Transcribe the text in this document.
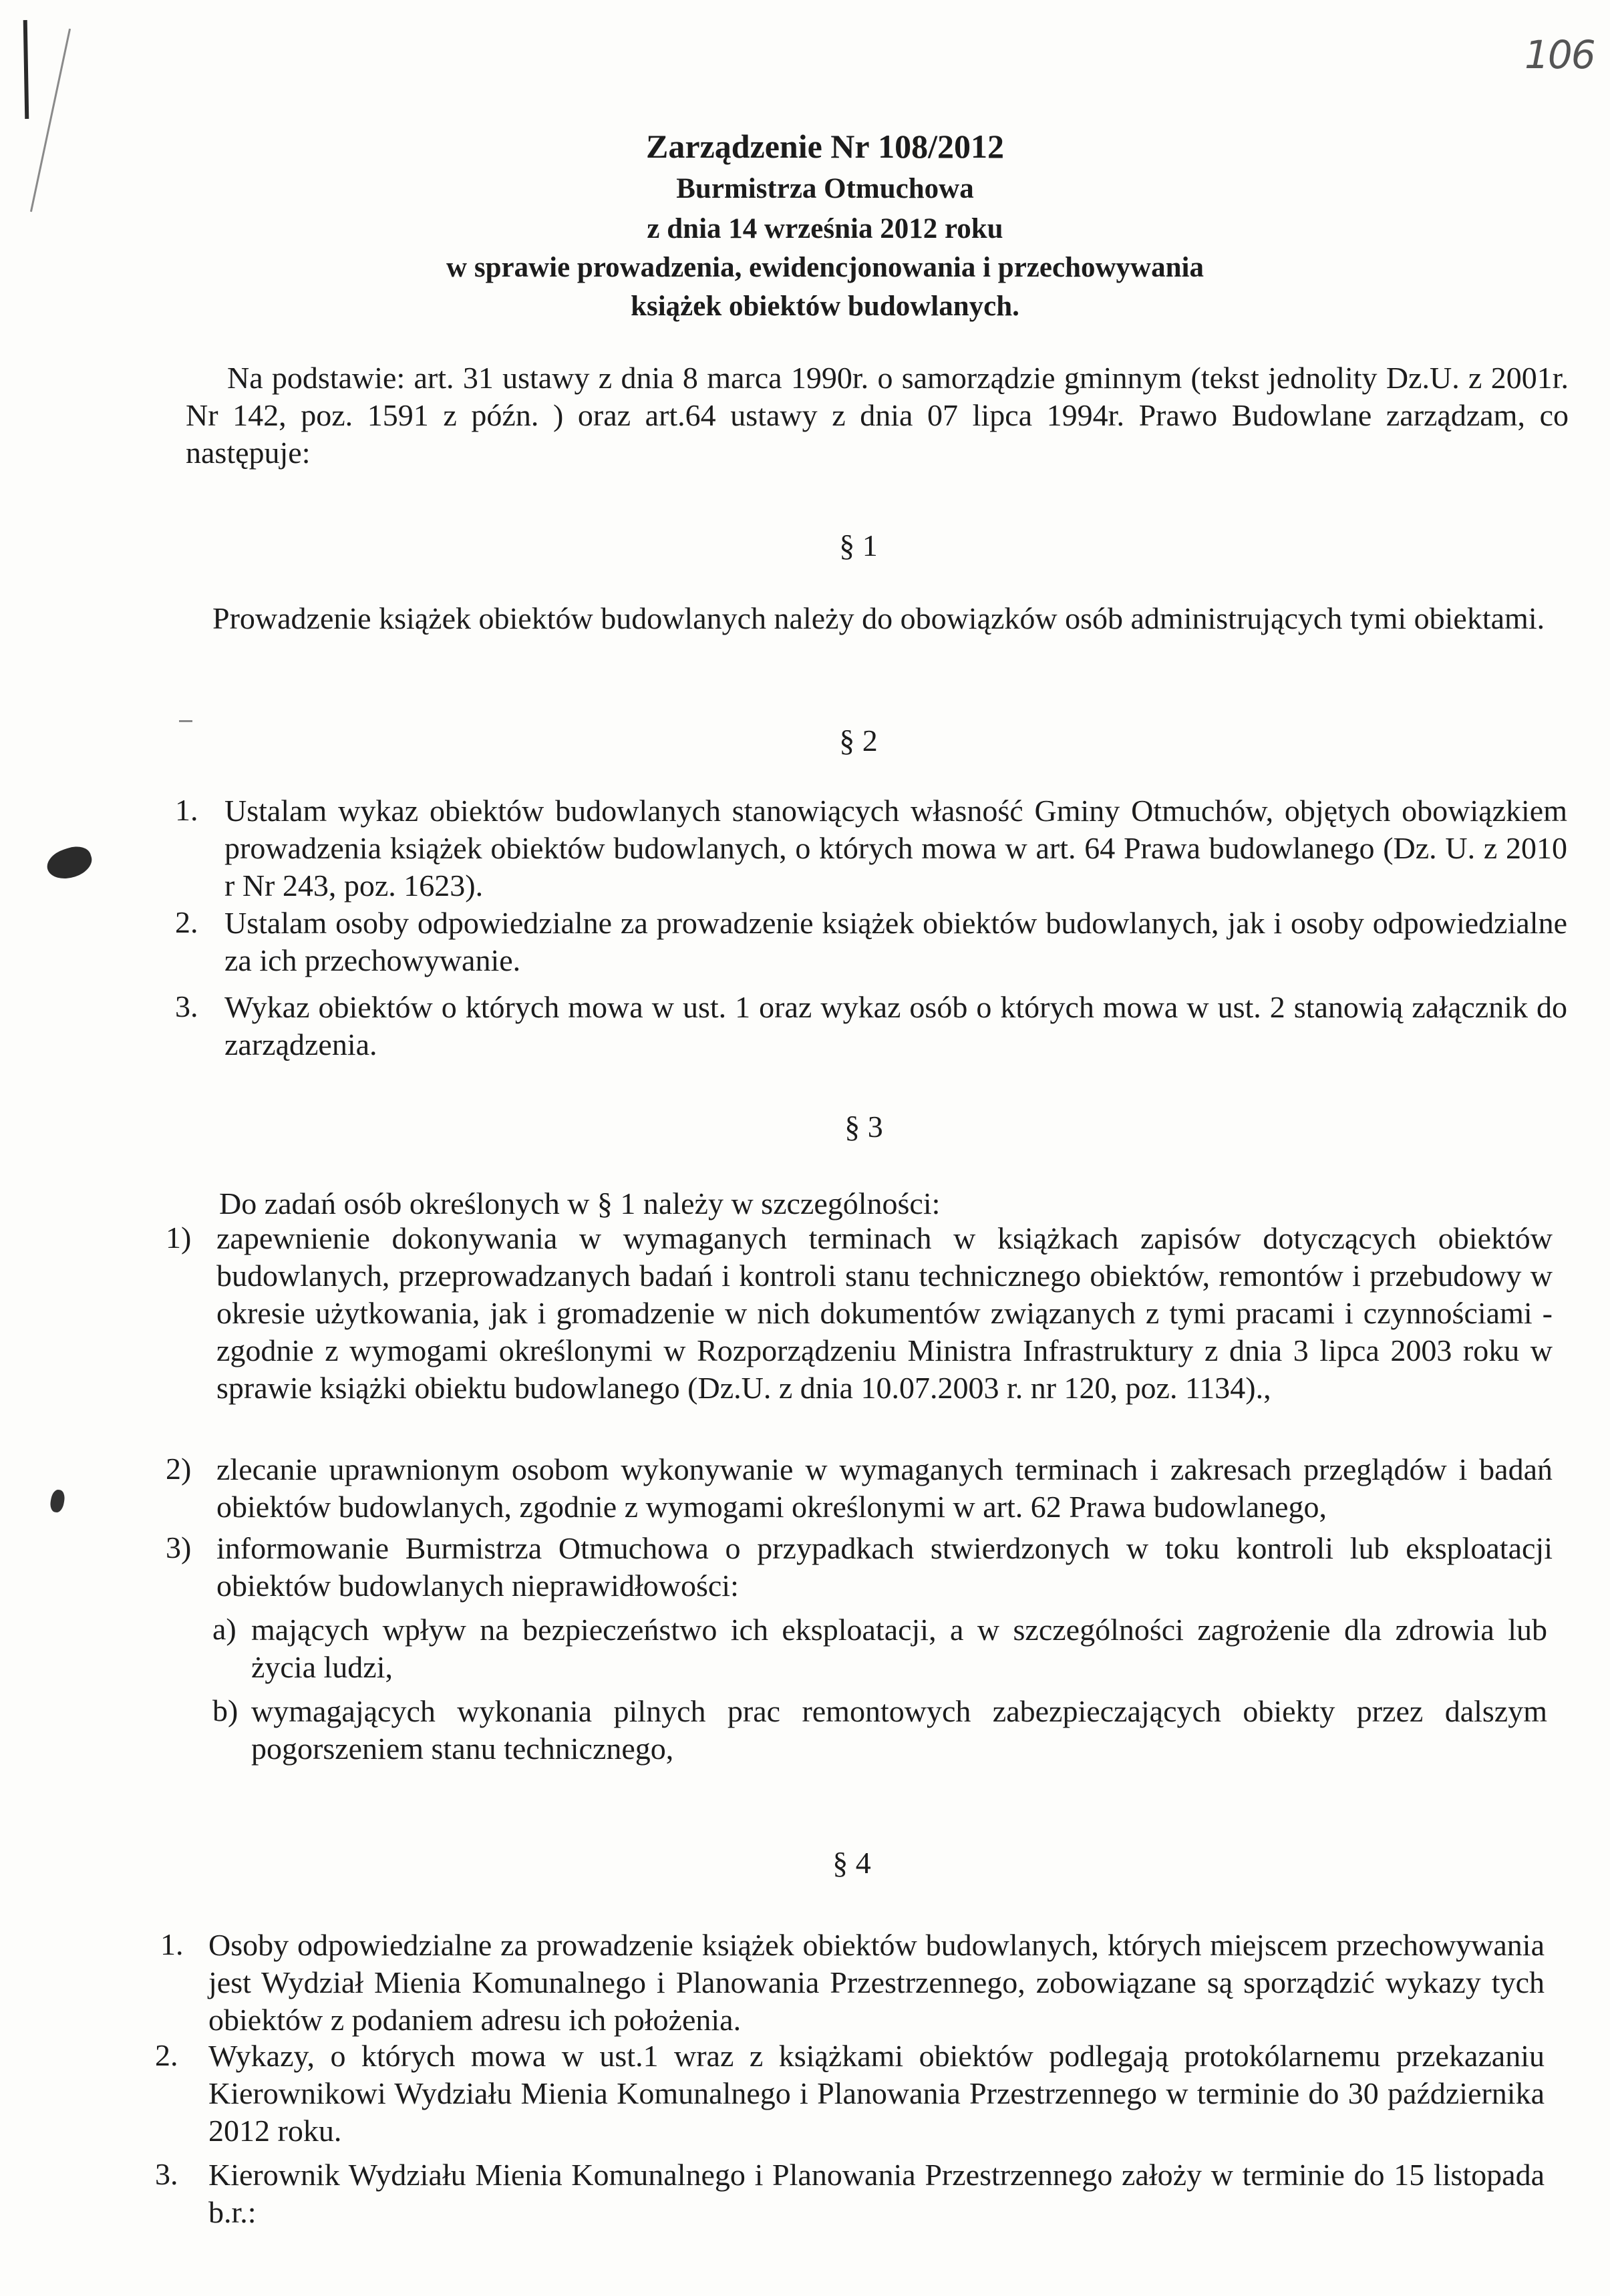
106
Zarządzenie Nr 108/2012
Burmistrza Otmuchowa
z dnia 14 września 2012 roku
w sprawie prowadzenia, ewidencjonowania i przechowywania
książek obiektów budowlanych.
Na podstawie: art. 31 ustawy z dnia 8 marca 1990r. o samorządzie gminnym (tekst jednolity Dz.U. z 2001r. Nr 142, poz. 1591 z późn. ) oraz art.64 ustawy z dnia 07 lipca 1994r. Prawo Budowlane zarządzam, co następuje:
§ 1
Prowadzenie książek obiektów budowlanych należy do obowiązków osób administrujących tymi obiektami.
§ 2
1. Ustalam wykaz obiektów budowlanych stanowiących własność Gminy Otmuchów, objętych obowiązkiem prowadzenia książek obiektów budowlanych, o których mowa w art. 64 Prawa budowlanego (Dz. U. z 2010 r Nr 243, poz. 1623).
2. Ustalam osoby odpowiedzialne za prowadzenie książek obiektów budowlanych, jak i osoby odpowiedzialne za ich przechowywanie.
3. Wykaz obiektów o których mowa w ust. 1 oraz wykaz osób o których mowa w ust. 2 stanowią załącznik do zarządzenia.
§ 3
Do zadań osób określonych w § 1 należy w szczególności:
1) zapewnienie dokonywania w wymaganych terminach w książkach zapisów dotyczących obiektów budowlanych, przeprowadzanych badań i kontroli stanu technicznego obiektów, remontów i przebudowy w okresie użytkowania, jak i gromadzenie w nich dokumentów związanych z tymi pracami i czynnościami - zgodnie z wymogami określonymi w Rozporządzeniu Ministra Infrastruktury z dnia 3 lipca 2003 roku w sprawie książki obiektu budowlanego (Dz.U. z dnia 10.07.2003 r. nr 120, poz. 1134).,
2) zlecanie uprawnionym osobom wykonywanie w wymaganych terminach i zakresach przeglądów i badań obiektów budowlanych, zgodnie z wymogami określonymi w art. 62 Prawa budowlanego,
3) informowanie Burmistrza Otmuchowa o przypadkach stwierdzonych w toku kontroli lub eksploatacji obiektów budowlanych nieprawidłowości:
a) mających wpływ na bezpieczeństwo ich eksploatacji, a w szczególności zagrożenie dla zdrowia lub życia ludzi,
b) wymagających wykonania pilnych prac remontowych zabezpieczających obiekty przez dalszym pogorszeniem stanu technicznego,
§ 4
1. Osoby odpowiedzialne za prowadzenie książek obiektów budowlanych, których miejscem przechowywania jest Wydział Mienia Komunalnego i Planowania Przestrzennego, zobowiązane są sporządzić wykazy tych obiektów z podaniem adresu ich położenia.
2. Wykazy, o których mowa w ust.1 wraz z książkami obiektów podlegają protokólarnemu przekazaniu Kierownikowi Wydziału Mienia Komunalnego i Planowania Przestrzennego w terminie do 30 października 2012 roku.
3. Kierownik Wydziału Mienia Komunalnego i Planowania Przestrzennego założy w terminie do 15 listopada b.r.:
